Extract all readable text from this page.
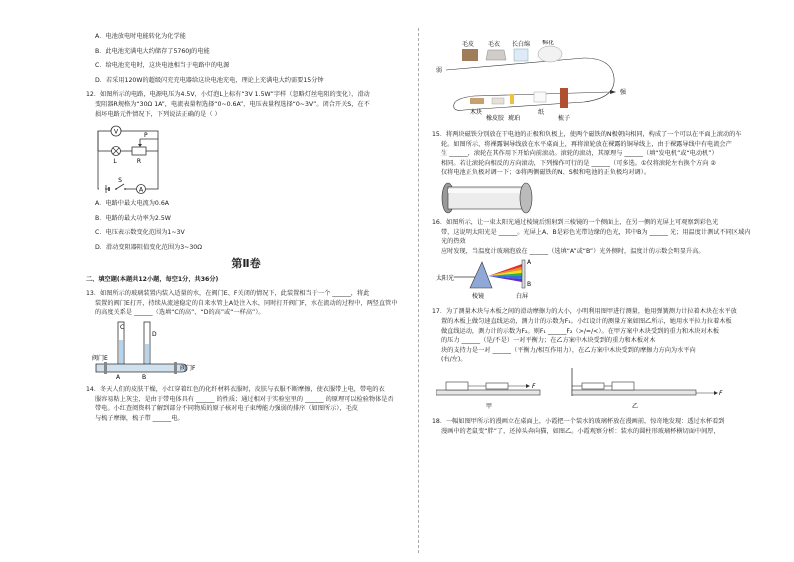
A．电池放电时电能转化为化学能

B．此电池充满电大约储存了5760J的电能

C．给电池充电时，这块电池相当于电路中的电源

D．若采用120W的超级闪充充电器给这块电池充电，理论上充满电大约需要15分钟

12．如图所示的电路，电源电压为4.5V，小灯泡L上标有“3V 1.5W”字样（忽略灯丝电阻的变化），滑动

变阻器R规格为“30Ω 1A”，电流表量程选择“0~0.6A”，电压表量程选择“0~3V”。闭合开关S，在不

损坏电路元件情况下，下列说法正确的是（ ）

V
L	R
P
S
A

A．电路中最大电流为0.6A

B．电路的最大功率为2.5W

C．电压表示数变化范围为1~3V

D．滑动变阻器阻值变化范围为3~30Ω

第Ⅱ卷

二、填空题(本题共12小题，每空1分，共36分)

13．如图所示的玻璃装置内装入适量的水，在阀门E、F关闭的情况下，此装置相当于一个 ______，将此

装置的阀门E打开，持续从流速稳定的自来水管上A处注入水，同时打开阀门F，水在流动的过程中，两竖直管中

的高度关系是 ______（选填“C的高”、“D的高”或“一样高”）。

C
D
A	B
阀门E
阀门F

14．冬天人们的皮肤干燥，小红穿着红色的化纤材料衣服时，皮肤与衣服不断摩擦，使衣服带上电，带电的衣

服容易粘上灰尘，是由于带电体具有 ______ 的性质；通过相对于实验室里的 ______ 的原理可以检验物体是否

带电。小红查阅资料了解到部分不同物质的原子核对电子束缚能力强弱的排序（如图所示），毛皮

与梳子摩擦，梳子带 ______电。

弱
强
毛皮 毛衣 长白绵 棉花
木块
橡皮胶 琥珀
纸
梳子

15．将两块磁铁分别放在干电池的正极和负极上，使两个磁铁的N极朝向相同，构成了一个可以在平面上滚动的车

轮。如图所示，将裸露铜导线放在水平桌面上，再将滚轮放在裸露的铜导线上，由于裸露导线中有电流会产

生 ______，滚轮在其作用下开始向前滚动。滚轮的滚动，其原理与 ______（填“发电机”或“电动机”）

相同。若让滚轮向相反的方向滚动，下列操作可行的是 ______（可多选。①仅将滚轮左右换个方向 ②

仅将电池正负极对调一下；③将两侧磁铁的N、S极和电池的正负极均对调）。

16．如图所示，让一束太阳光通过棱镜后照射到三棱镜的一个侧面上，在另一侧的光屏上可观察到彩色光

带，这说明太阳光是 ______。光屏上A、B是彩色光带边缘的色光，其中B为 ______ 光；用温度计测试不同区域内光的热效

应时发现，当温度计玻璃泡放在 ______（选填“A”或“B”）光外侧时，温度计的示数会明显升高。

太阳光
棱镜
A
B
白屏

17．为了测量木块与木板之间的滑动摩擦力的大小，小明利用图甲进行测量，他用弹簧测力计拉着木块在水平放

置的木板上做匀速直线运动，测力计的示数为F₁。小红设计的测量方案如图乙所示，她用水平拉力拉着木板

做直线运动，测力计的示数为F₂。则F₁ ______F₂（>/=/<）。在甲方案中木块受到的重力和木块对木板

的压力 ______（是/不是）一对平衡力；在乙方案中木块受到的重力和木板对木

块的支持力是一对 ______（平衡力/相互作用力），在乙方案中木块受到的摩擦力方向为水平向

(右/左)。

F
甲
F
乙

18．一幅如图甲所示的漫画立在桌面上，小霞把一个装水的玻璃杯放在漫画前，惊奇地发现：透过水杯看到

漫画中的老鼠变“胖”了，还掉头奔向猫，如图乙。小霞观察分析：装水的圆柱形玻璃杯横切面中间厚，
